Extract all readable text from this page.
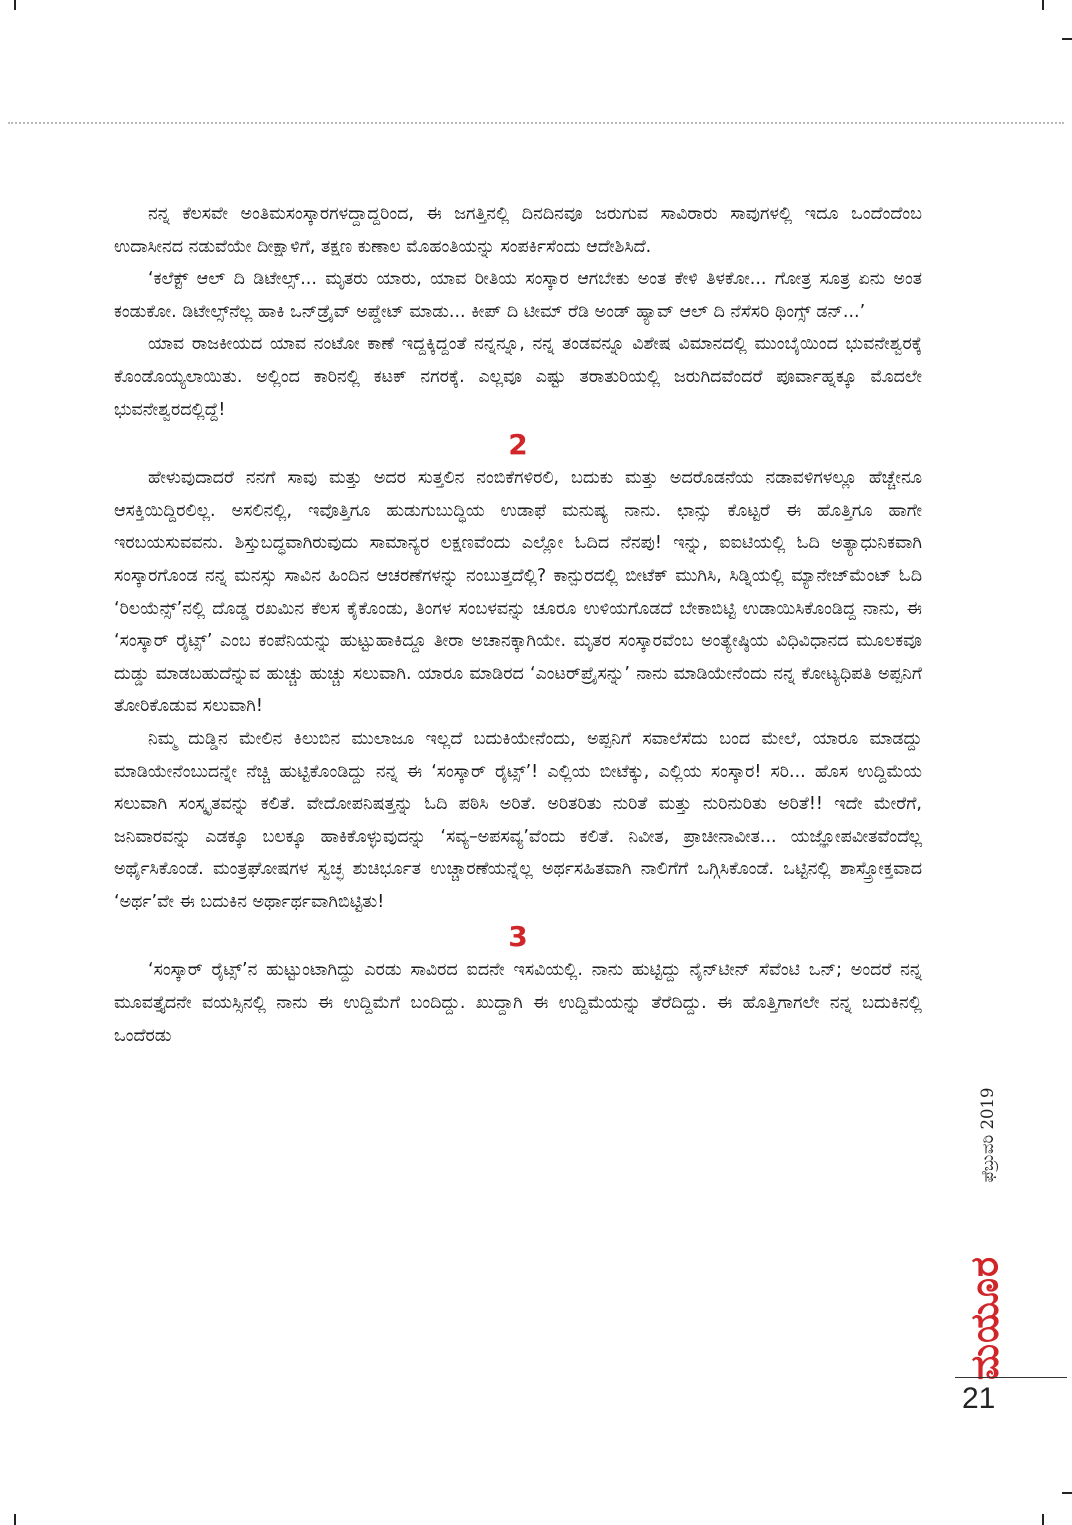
ನನ್ನ ಕೆಲಸವೇ ಅಂತಿಮಸಂಸ್ಕಾರಗಳದ್ದಾದ್ದರಿಂದ, ಈ ಜಗತ್ತಿನಲ್ಲಿ ದಿನದಿನವೂ ಜರುಗುವ ಸಾವಿರಾರು ಸಾವುಗಳಲ್ಲಿ ಇದೂ ಒಂದೆಂದೆಂಬ ಉದಾಸೀನದ ನಡುವೆಯೇ ದೀಕ್ಷಾಳಿಗೆ, ತಕ್ಷಣ ಕುಣಾಲ ಮೊಹಂತಿಯನ್ನು ಸಂಪರ್ಕಿಸೆಂದು ಆದೇಶಿಸಿದೆ.

‘ಕಲೆಕ್ಟ್ ಆಲ್ ದಿ ಡಿಟೇಲ್ಸ್... ಮೃತರು ಯಾರು, ಯಾವ ರೀತಿಯ ಸಂಸ್ಕಾರ ಆಗಬೇಕು ಅಂತ ಕೇಳಿ ತಿಳಕೋ... ಗೋತ್ರ ಸೂತ್ರ ಏನು ಅಂತ ಕಂಡುಕೋ. ಡಿಟೇಲ್ಸ್‌ನೆಲ್ಲ ಹಾಕಿ ಒನ್‌ಡ್ರೈವ್ ಅಪ್ಡೇಟ್ ಮಾಡು... ಕೀಪ್ ದಿ ಟೀಮ್ ರೆಡಿ ಅಂಡ್ ಹ್ಯಾವ್ ಆಲ್ ದಿ ನೆಸೆಸರಿ ಥಿಂಗ್ಸ್ ಡನ್...’

ಯಾವ ರಾಜಕೀಯದ ಯಾವ ನಂಟೋ ಕಾಣೆ ಇದ್ದಕ್ಕಿದ್ದಂತೆ ನನ್ನನ್ನೂ, ನನ್ನ ತಂಡವನ್ನೂ ವಿಶೇಷ ವಿಮಾನದಲ್ಲಿ ಮುಂಬೈಯಿಂದ ಭುವನೇಶ್ವರಕ್ಕೆ ಕೊಂಡೊಯ್ಯಲಾಯಿತು. ಅಲ್ಲಿಂದ ಕಾರಿನಲ್ಲಿ ಕಟಕ್ ನಗರಕ್ಕೆ. ಎಲ್ಲವೂ ಎಷ್ಟು ತರಾತುರಿಯಲ್ಲಿ ಜರುಗಿದವೆಂದರೆ ಪೂರ್ವಾಹ್ನಕ್ಕೂ ಮೊದಲೇ ಭುವನೇಶ್ವರದಲ್ಲಿದ್ದೆ!

2

ಹೇಳುವುದಾದರೆ ನನಗೆ ಸಾವು ಮತ್ತು ಅದರ ಸುತ್ತಲಿನ ನಂಬಿಕೆಗಳಿರಲಿ, ಬದುಕು ಮತ್ತು ಅದರೊಡನೆಯ ನಡಾವಳಿಗಳಲ್ಲೂ ಹೆಚ್ಚೇನೂ ಆಸಕ್ತಿಯಿದ್ದಿರಲಿಲ್ಲ. ಅಸಲಿನಲ್ಲಿ, ಇವೊತ್ತಿಗೂ ಹುಡುಗುಬುದ್ಧಿಯ ಉಡಾಫೆ ಮನುಷ್ಯ ನಾನು. ಛಾನ್ಸು ಕೊಟ್ಟರೆ ಈ ಹೊತ್ತಿಗೂ ಹಾಗೇ ಇರಬಯಸುವವನು. ಶಿಸ್ತುಬದ್ಧವಾಗಿರುವುದು ಸಾಮಾನ್ಯರ ಲಕ್ಷಣವೆಂದು ಎಲ್ಲೋ ಓದಿದ ನೆನಪು! ಇನ್ನು, ಐಐಟಿಯಲ್ಲಿ ಓದಿ ಅತ್ಯಾಧುನಿಕವಾಗಿ ಸಂಸ್ಕಾರಗೊಂಡ ನನ್ನ ಮನಸ್ಸು ಸಾವಿನ ಹಿಂದಿನ ಆಚರಣೆಗಳನ್ನು ನಂಬುತ್ತದೆಲ್ಲಿ? ಕಾನ್ಪುರದಲ್ಲಿ ಬೀಟೆಕ್ ಮುಗಿಸಿ, ಸಿಡ್ನಿಯಲ್ಲಿ ಮ್ಯಾನೇಜ್‌ಮೆಂಟ್ ಓದಿ ‘ರಿಲಯೆನ್ಸ್’ನಲ್ಲಿ ದೊಡ್ಡ ರಖಮಿನ ಕೆಲಸ ಕೈಕೊಂಡು, ತಿಂಗಳ ಸಂಬಳವನ್ನು ಚೂರೂ ಉಳಿಯಗೊಡದೆ ಬೇಕಾಬಿಟ್ಟಿ ಉಡಾಯಿಸಿಕೊಂಡಿದ್ದ ನಾನು, ಈ ‘ಸಂಸ್ಕಾರ್ ರೈಟ್ಸ್’ ಎಂಬ ಕಂಪೆನಿಯನ್ನು ಹುಟ್ಟುಹಾಕಿದ್ದೂ ತೀರಾ ಅಚಾನಕ್ಕಾಗಿಯೇ. ಮೃತರ ಸಂಸ್ಕಾರವೆಂಬ ಅಂತ್ಯೇಷ್ಠಿಯ ವಿಧಿವಿಧಾನದ ಮೂಲಕವೂ ದುಡ್ಡು ಮಾಡಬಹುದೆನ್ನುವ ಹುಚ್ಚು ಹುಚ್ಚು ಸಲುವಾಗಿ. ಯಾರೂ ಮಾಡಿರದ ‘ಎಂಟರ್‌ಪ್ರೈಸನ್ನು’ ನಾನು ಮಾಡಿಯೇನೆಂದು ನನ್ನ ಕೋಟ್ಯಧಿಪತಿ ಅಪ್ಪನಿಗೆ ತೋರಿಕೊಡುವ ಸಲುವಾಗಿ!

ನಿಮ್ಮ ದುಡ್ಡಿನ ಮೇಲಿನ ಕಿಲುಬಿನ ಮುಲಾಜೂ ಇಲ್ಲದೆ ಬದುಕಿಯೇನೆಂದು, ಅಪ್ಪನಿಗೆ ಸವಾಲೆಸೆದು ಬಂದ ಮೇಲೆ, ಯಾರೂ ಮಾಡದ್ದು ಮಾಡಿಯೇನೆಂಬುದನ್ನೇ ನೆಚ್ಚಿ ಹುಟ್ಟಿಕೊಂಡಿದ್ದು ನನ್ನ ಈ ‘ಸಂಸ್ಕಾರ್ ರೈಟ್ಸ್’! ಎಲ್ಲಿಯ ಬೀಟೆಕ್ಕು, ಎಲ್ಲಿಯ ಸಂಸ್ಕಾರ! ಸರಿ... ಹೊಸ ಉದ್ದಿಮೆಯ ಸಲುವಾಗಿ ಸಂಸ್ಕೃತವನ್ನು ಕಲಿತೆ. ವೇದೋಪನಿಷತ್ತನ್ನು ಓದಿ ಪಠಿಸಿ ಅರಿತೆ. ಅರಿತರಿತು ನುರಿತೆ ಮತ್ತು ನುರಿನುರಿತು ಅರಿತೆ!! ಇದೇ ಮೇರೆಗೆ, ಜನಿವಾರವನ್ನು ಎಡಕ್ಕೂ ಬಲಕ್ಕೂ ಹಾಕಿಕೊಳ್ಳುವುದನ್ನು ‘ಸವ್ಯ–ಅಪಸವ್ಯ’ವೆಂದು ಕಲಿತೆ. ನಿವೀತ, ಪ್ರಾಚೀನಾವೀತ... ಯಜ್ಞೋಪವೀತವೆಂದೆಲ್ಲ ಅರ್ಥೈಸಿಕೊಂಡೆ. ಮಂತ್ರಘೋಷಗಳ ಸ್ವಚ್ಛ ಶುಚಿರ್ಭೂತ ಉಚ್ಚಾರಣೆಯನ್ನೆಲ್ಲ ಅರ್ಥಸಹಿತವಾಗಿ ನಾಲಿಗೆಗೆ ಒಗ್ಗಿಸಿಕೊಂಡೆ. ಒಟ್ಟಿನಲ್ಲಿ ಶಾಸ್ತ್ರೋಕ್ತವಾದ ‘ಅರ್ಥ’ವೇ ಈ ಬದುಕಿನ ಅರ್ಥಾರ್ಥವಾಗಿಬಿಟ್ಟಿತು!

3

‘ಸಂಸ್ಕಾರ್ ರೈಟ್ಸ್’ನ ಹುಟ್ಟುಂಟಾಗಿದ್ದು ಎರಡು ಸಾವಿರದ ಐದನೇ ಇಸವಿಯಲ್ಲಿ. ನಾನು ಹುಟ್ಟಿದ್ದು ನೈನ್‌ಟೀನ್ ಸೆವೆಂಟಿ ಒನ್; ಅಂದರೆ ನನ್ನ ಮೂವತ್ತೈದನೇ ವಯಸ್ಸಿನಲ್ಲಿ ನಾನು ಈ ಉದ್ದಿಮೆಗೆ ಬಂದಿದ್ದು. ಖುದ್ದಾಗಿ ಈ ಉದ್ದಿಮೆಯನ್ನು ತೆರೆದಿದ್ದು. ಈ ಹೊತ್ತಿಗಾಗಲೇ ನನ್ನ ಬದುಕಿನಲ್ಲಿ ಒಂದೆರಡು

ಫೆಬ್ರುವರಿ 2019
ಮಯೂರ
21
